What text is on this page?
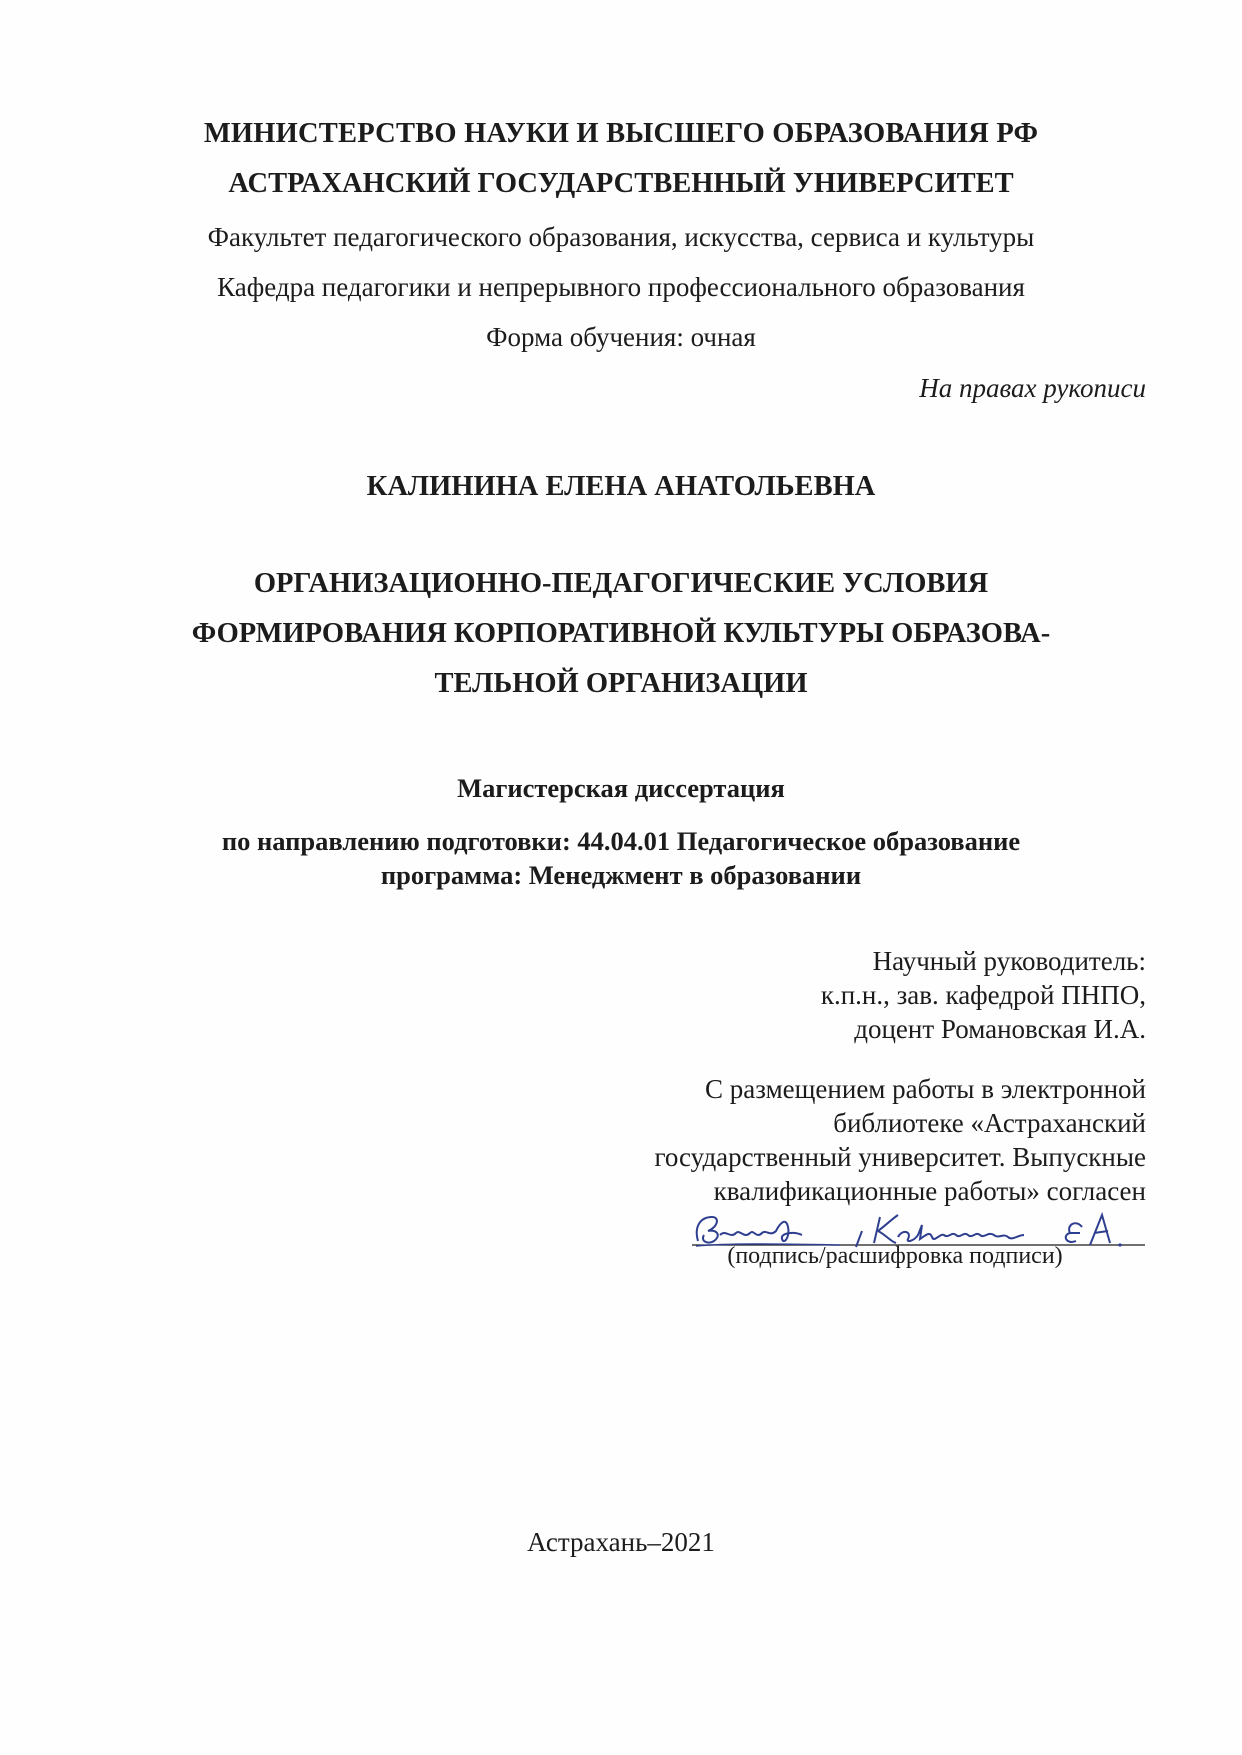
МИНИСТЕРСТВО НАУКИ И ВЫСШЕГО ОБРАЗОВАНИЯ РФ
АСТРАХАНСКИЙ ГОСУДАРСТВЕННЫЙ УНИВЕРСИТЕТ
Факультет педагогического образования, искусства, сервиса и культуры
Кафедра педагогики и непрерывного профессионального образования
Форма обучения: очная
На правах рукописи
КАЛИНИНА ЕЛЕНА АНАТОЛЬЕВНА
ОРГАНИЗАЦИОННО-ПЕДАГОГИЧЕСКИЕ УСЛОВИЯ
ФОРМИРОВАНИЯ КОРПОРАТИВНОЙ КУЛЬТУРЫ ОБРАЗОВА-
ТЕЛЬНОЙ ОРГАНИЗАЦИИ
Магистерская диссертация
по направлению подготовки: 44.04.01 Педагогическое образование
программа: Менеджмент в образовании
Научный руководитель:
к.п.н., зав. кафедрой ПНПО,
доцент Романовская И.А.
С размещением работы в электронной
библиотеке «Астраханский
государственный университет. Выпускные
квалификационные работы» согласен
(подпись/расшифровка подписи)
Астрахань–2021
